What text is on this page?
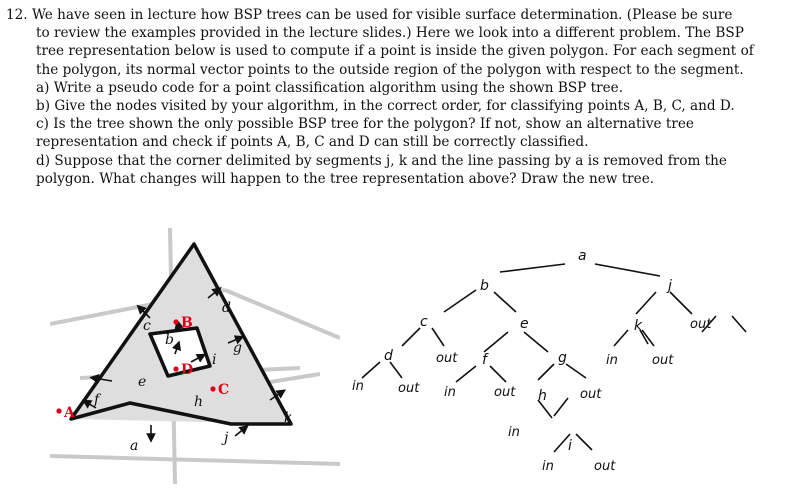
12. We have seen in lecture how BSP trees can be used for visible surface determination. (Please be sure

to review the examples provided in the lecture slides.) Here we look into a different problem. The BSP

tree representation below is used to compute if a point is inside the given polygon. For each segment of

the polygon, its normal vector points to the outside region of the polygon with respect to the segment.

a) Write a pseudo code for a point classification algorithm using the shown BSP tree.

b) Give the nodes visited by your algorithm, in the correct order, for classifying points A, B, C, and D.

c) Is the tree shown the only possible BSP tree for the polygon? If not, show an alternative tree

representation and check if points A, B, C and D can still be correctly classified.

d) Suppose that the corner delimited by segments j, k and the line passing by a is removed from the

polygon. What changes will happen to the tree representation above? Draw the new tree.

a
b
c
d
e
f
g
h
i
j
k
A
B
C
D
a
b
c
d
e
f	g
h
i
j
k
in	out
out
in	out
in
out
in
out
out
in	out
